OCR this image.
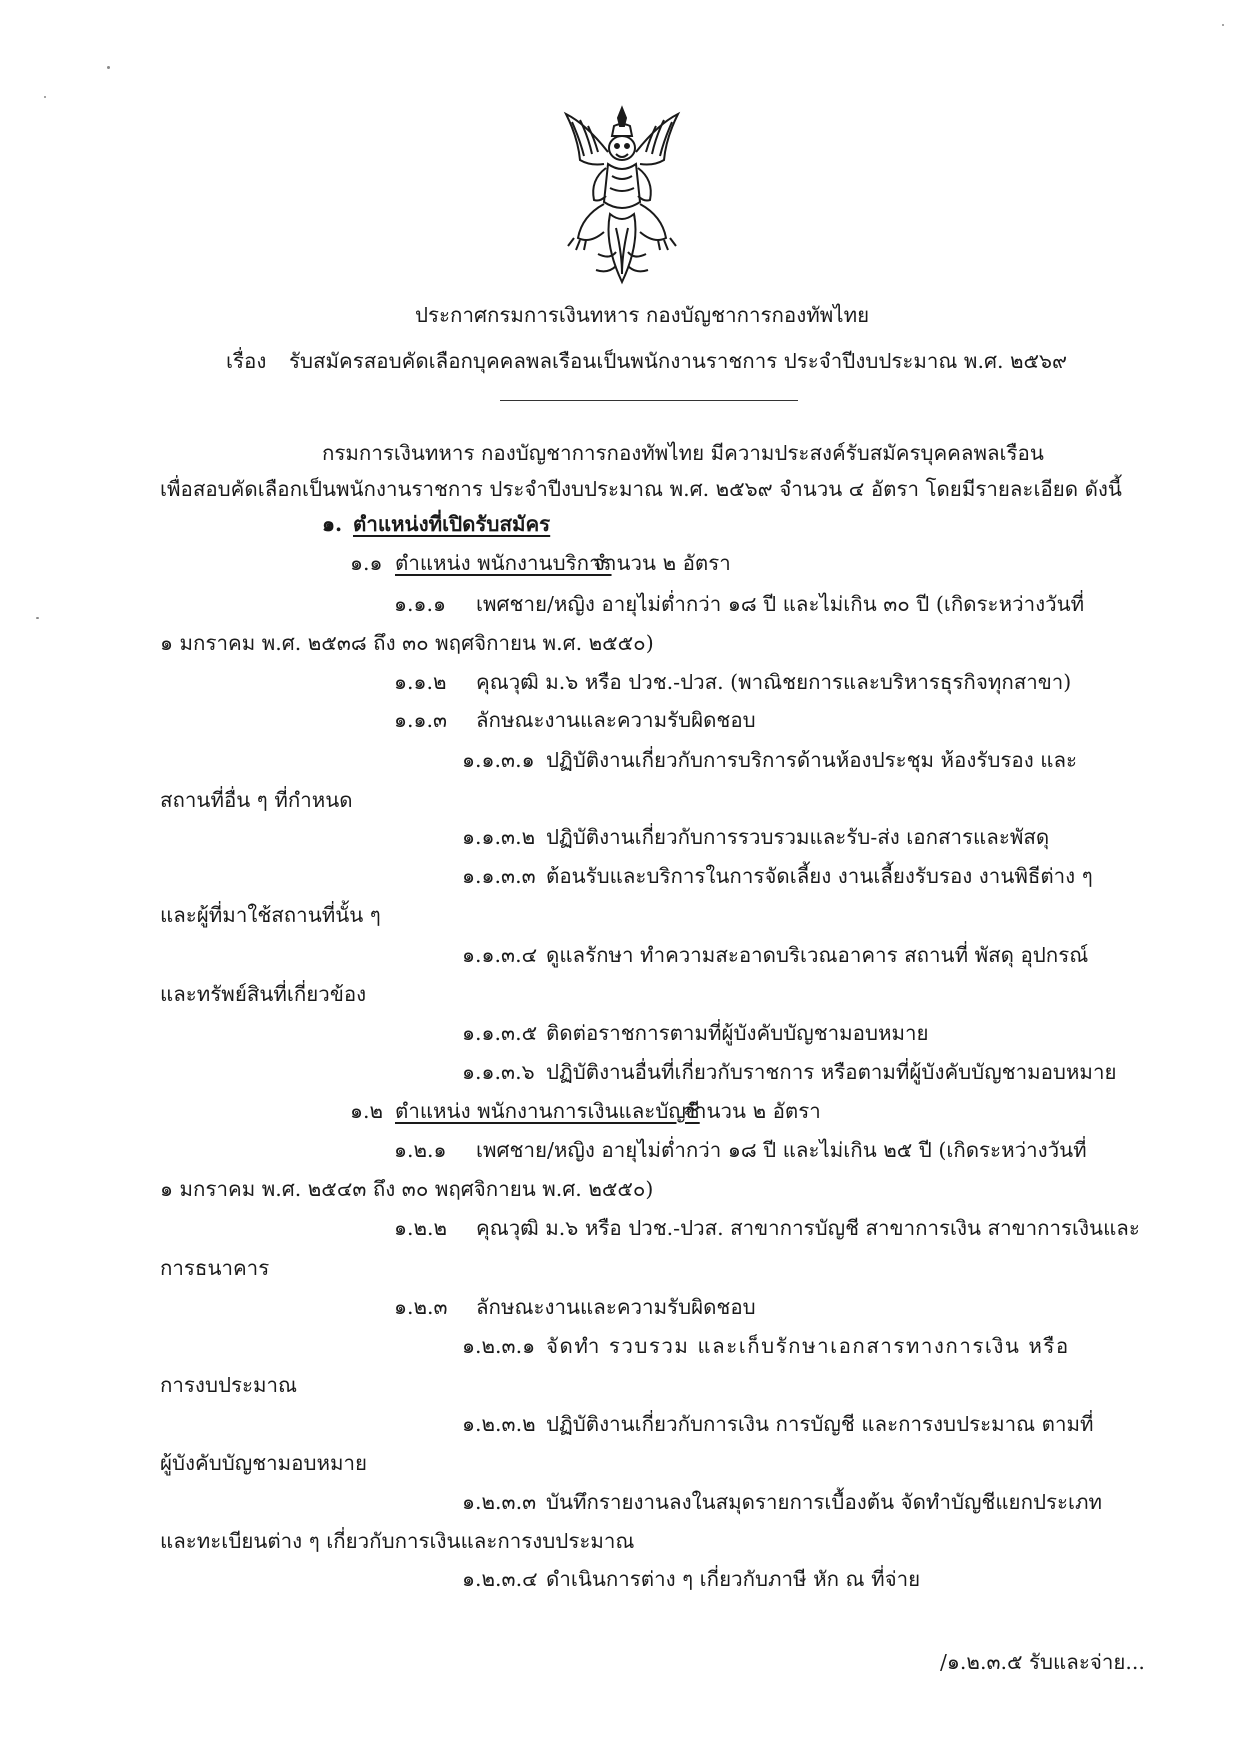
ประกาศกรมการเงินทหาร กองบัญชาการกองทัพไทย
เรื่อง รับสมัครสอบคัดเลือกบุคคลพลเรือนเป็นพนักงานราชการ ประจำปีงบประมาณ พ.ศ. ๒๕๖๙
กรมการเงินทหาร กองบัญชาการกองทัพไทย มีความประสงค์รับสมัครบุคคลพลเรือน
เพื่อสอบคัดเลือกเป็นพนักงานราชการ ประจำปีงบประมาณ พ.ศ. ๒๕๖๙ จำนวน ๔ อัตรา โดยมีรายละเอียด ดังนี้
๑. ตำแหน่งที่เปิดรับสมัคร
๑.๑ ตำแหน่ง พนักงานบริการ
จำนวน ๒ อัตรา
๑.๑.๑ เพศชาย/หญิง อายุไม่ต่ำกว่า ๑๘ ปี และไม่เกิน ๓๐ ปี (เกิดระหว่างวันที่
๑ มกราคม พ.ศ. ๒๕๓๘ ถึง ๓๐ พฤศจิกายน พ.ศ. ๒๕๕๐)
๑.๑.๒ คุณวุฒิ ม.๖ หรือ ปวช.-ปวส. (พาณิชยการและบริหารธุรกิจทุกสาขา)
๑.๑.๓ ลักษณะงานและความรับผิดชอบ
๑.๑.๓.๑ ปฏิบัติงานเกี่ยวกับการบริการด้านห้องประชุม ห้องรับรอง และ
สถานที่อื่น ๆ ที่กำหนด
๑.๑.๓.๒ ปฏิบัติงานเกี่ยวกับการรวบรวมและรับ-ส่ง เอกสารและพัสดุ
๑.๑.๓.๓ ต้อนรับและบริการในการจัดเลี้ยง งานเลี้ยงรับรอง งานพิธีต่าง ๆ
และผู้ที่มาใช้สถานที่นั้น ๆ
๑.๑.๓.๔ ดูแลรักษา ทำความสะอาดบริเวณอาคาร สถานที่ พัสดุ อุปกรณ์
และทรัพย์สินที่เกี่ยวข้อง
๑.๑.๓.๕ ติดต่อราชการตามที่ผู้บังคับบัญชามอบหมาย
๑.๑.๓.๖ ปฏิบัติงานอื่นที่เกี่ยวกับราชการ หรือตามที่ผู้บังคับบัญชามอบหมาย
๑.๒ ตำแหน่ง พนักงานการเงินและบัญชี
จำนวน ๒ อัตรา
๑.๒.๑ เพศชาย/หญิง อายุไม่ต่ำกว่า ๑๘ ปี และไม่เกิน ๒๕ ปี (เกิดระหว่างวันที่
๑ มกราคม พ.ศ. ๒๕๔๓ ถึง ๓๐ พฤศจิกายน พ.ศ. ๒๕๕๐)
๑.๒.๒ คุณวุฒิ ม.๖ หรือ ปวช.-ปวส. สาขาการบัญชี สาขาการเงิน สาขาการเงินและ
การธนาคาร
๑.๒.๓ ลักษณะงานและความรับผิดชอบ
๑.๒.๓.๑ จัดทำ รวบรวม และเก็บรักษาเอกสารทางการเงิน หรือ
การงบประมาณ
๑.๒.๓.๒ ปฏิบัติงานเกี่ยวกับการเงิน การบัญชี และการงบประมาณ ตามที่
ผู้บังคับบัญชามอบหมาย
๑.๒.๓.๓ บันทึกรายงานลงในสมุดรายการเบื้องต้น จัดทำบัญชีแยกประเภท
และทะเบียนต่าง ๆ เกี่ยวกับการเงินและการงบประมาณ
๑.๒.๓.๔ ดำเนินการต่าง ๆ เกี่ยวกับภาษี หัก ณ ที่จ่าย
/๑.๒.๓.๕ รับและจ่าย...
